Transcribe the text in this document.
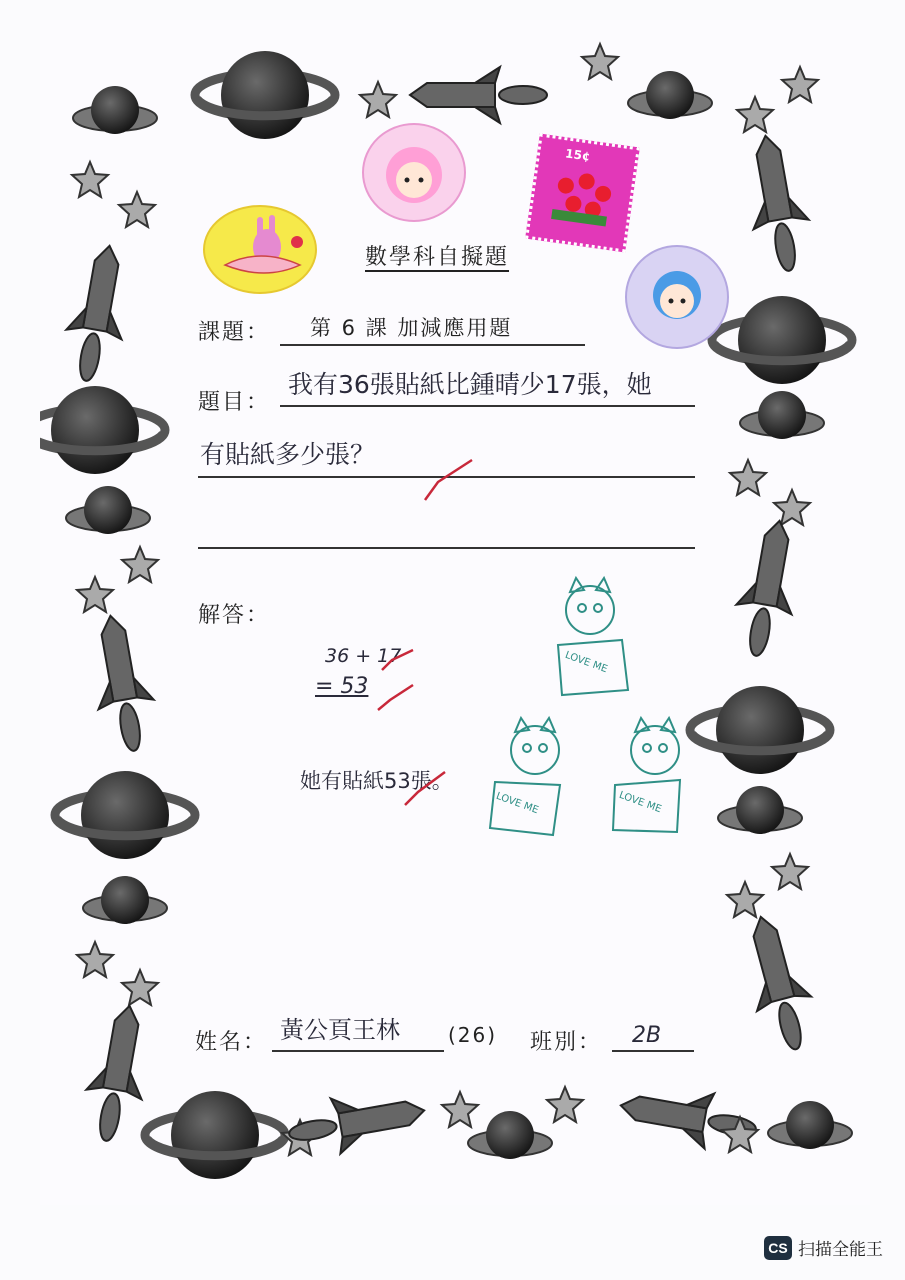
15¢
LOVE ME
LOVE ME	LOVE ME
數學科自擬題
課題： 第 6 課 加減應用題
題目：
我有36張貼紙比鍾晴少17張，她
有貼紙多少張？
解答：
36 + 17
= 53
她有貼紙53張。
姓名： 黃公頁王林 (26) 班別： 2B
CS 扫描全能王
